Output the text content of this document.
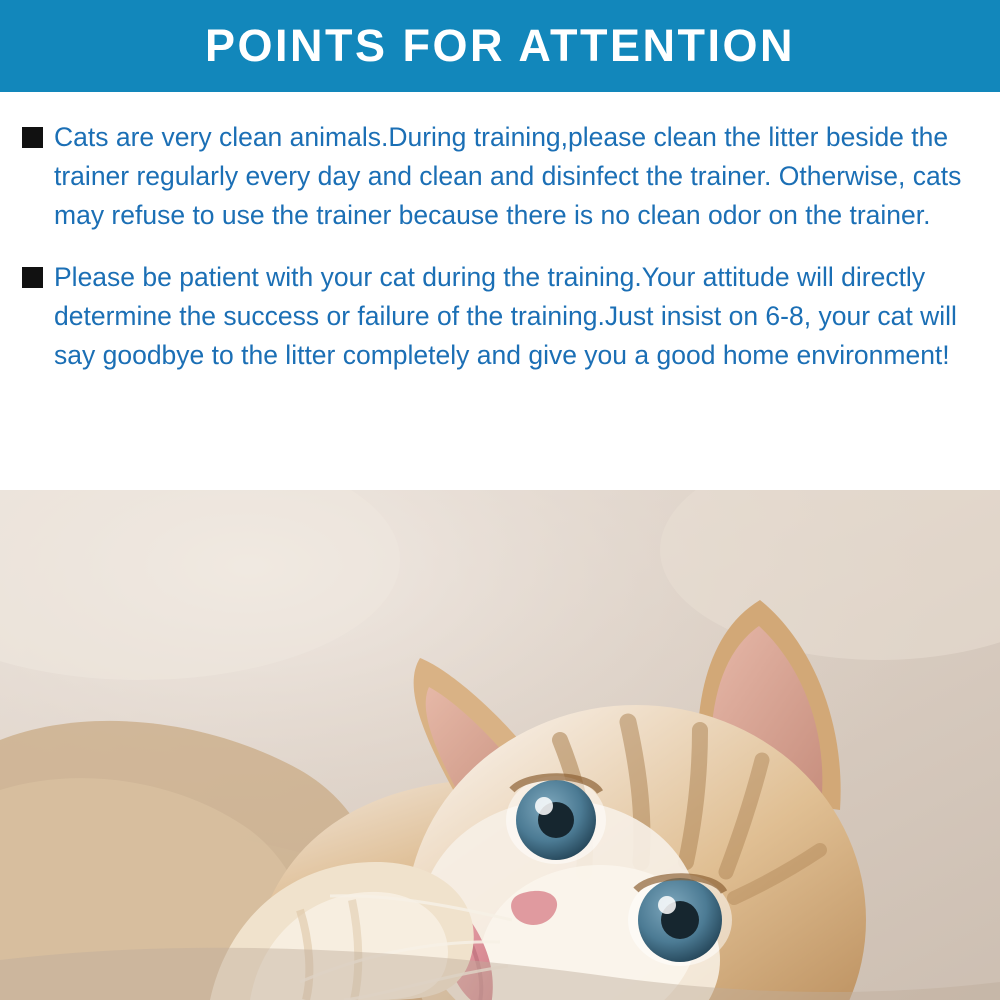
POINTS FOR ATTENTION
Cats are very clean animals.During training,please clean the litter beside the trainer regularly every day and clean and disinfect the trainer. Otherwise, cats may refuse to use the trainer because there is no clean odor on the trainer.
Please be patient with your cat during the training.Your attitude will directly determine the success or failure of the training.Just insist on 6-8, your cat will say goodbye to the litter completely and give you a good home environment!
